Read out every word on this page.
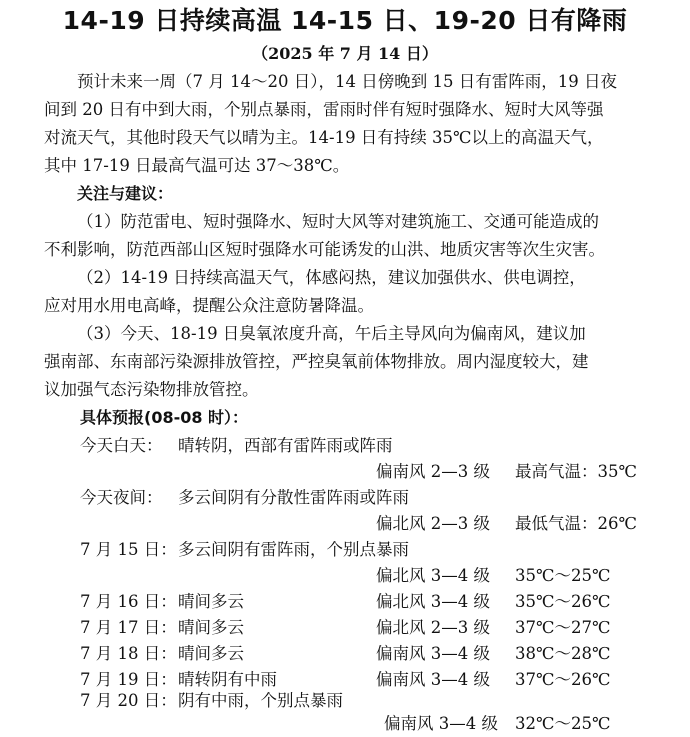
14-19 日持续高温 14-15 日、19-20 日有降雨
（2025 年 7 月 14 日）
预计未来一周（7 月 14～20 日），14 日傍晚到 15 日有雷阵雨，19 日夜
间到 20 日有中到大雨，个别点暴雨，雷雨时伴有短时强降水、短时大风等强
对流天气，其他时段天气以晴为主。14-19 日有持续 35℃以上的高温天气，
其中 17-19 日最高气温可达 37～38℃。
关注与建议：
（1）防范雷电、短时强降水、短时大风等对建筑施工、交通可能造成的
不利影响，防范西部山区短时强降水可能诱发的山洪、地质灾害等次生灾害。
（2）14-19 日持续高温天气，体感闷热，建议加强供水、供电调控，
应对用水用电高峰，提醒公众注意防暑降温。
（3）今天、18-19 日臭氧浓度升高，午后主导风向为偏南风，建议加
强南部、东南部污染源排放管控，严控臭氧前体物排放。周内湿度较大，建
议加强气态污染物排放管控。
具体预报(08-08 时）：
今天白天： 晴转阴，西部有雷阵雨或阵雨
偏南风 2—3 级 最高气温：35℃
今天夜间： 多云间阴有分散性雷阵雨或阵雨
偏北风 2—3 级 最低气温：26℃
7 月 15 日： 多云间阴有雷阵雨，个别点暴雨
偏北风 3—4 级 35℃～25℃
7 月 16 日： 晴间多云	偏北风 3—4 级 35℃～26℃
7 月 17 日： 晴间多云	偏北风 2—3 级 37℃～27℃
7 月 18 日： 晴间多云	偏南风 3—4 级 38℃～28℃
7 月 19 日： 晴转阴有中雨	偏南风 3—4 级 37℃～26℃
7 月 20 日： 阴有中雨，个别点暴雨
偏南风 3—4 级 32℃～25℃
